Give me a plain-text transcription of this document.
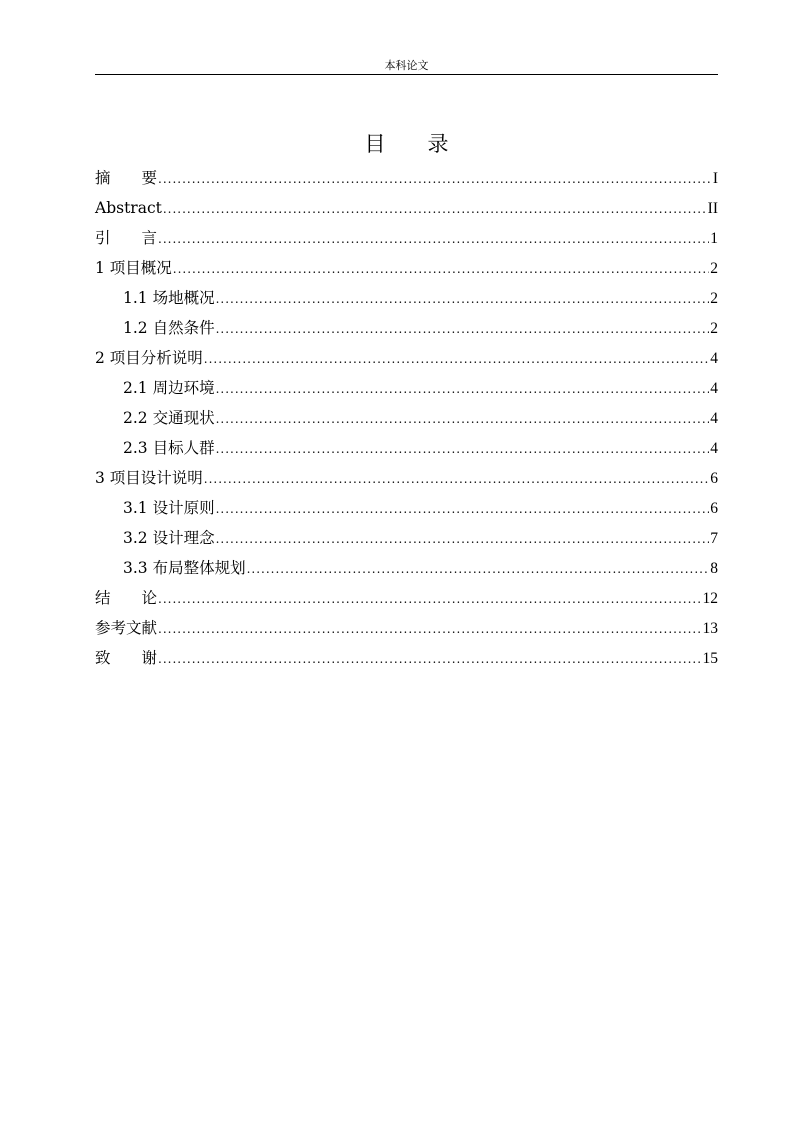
本科论文
目　　录
摘　　要 .....	I
Abstract .....	II
引　　言 .....	1
1 项目概况 .....	2
1.1 场地概况 .....	2
1.2 自然条件 .....	2
2 项目分析说明 .....	4
2.1 周边环境 .....	4
2.2 交通现状 .....	4
2.3 目标人群 .....	4
3 项目设计说明 .....	6
3.1 设计原则 .....	6
3.2 设计理念 .....	7
3.3 布局整体规划 .....	8
结　　论 .....	12
参考文献 .....	13
致　　谢 .....	15
